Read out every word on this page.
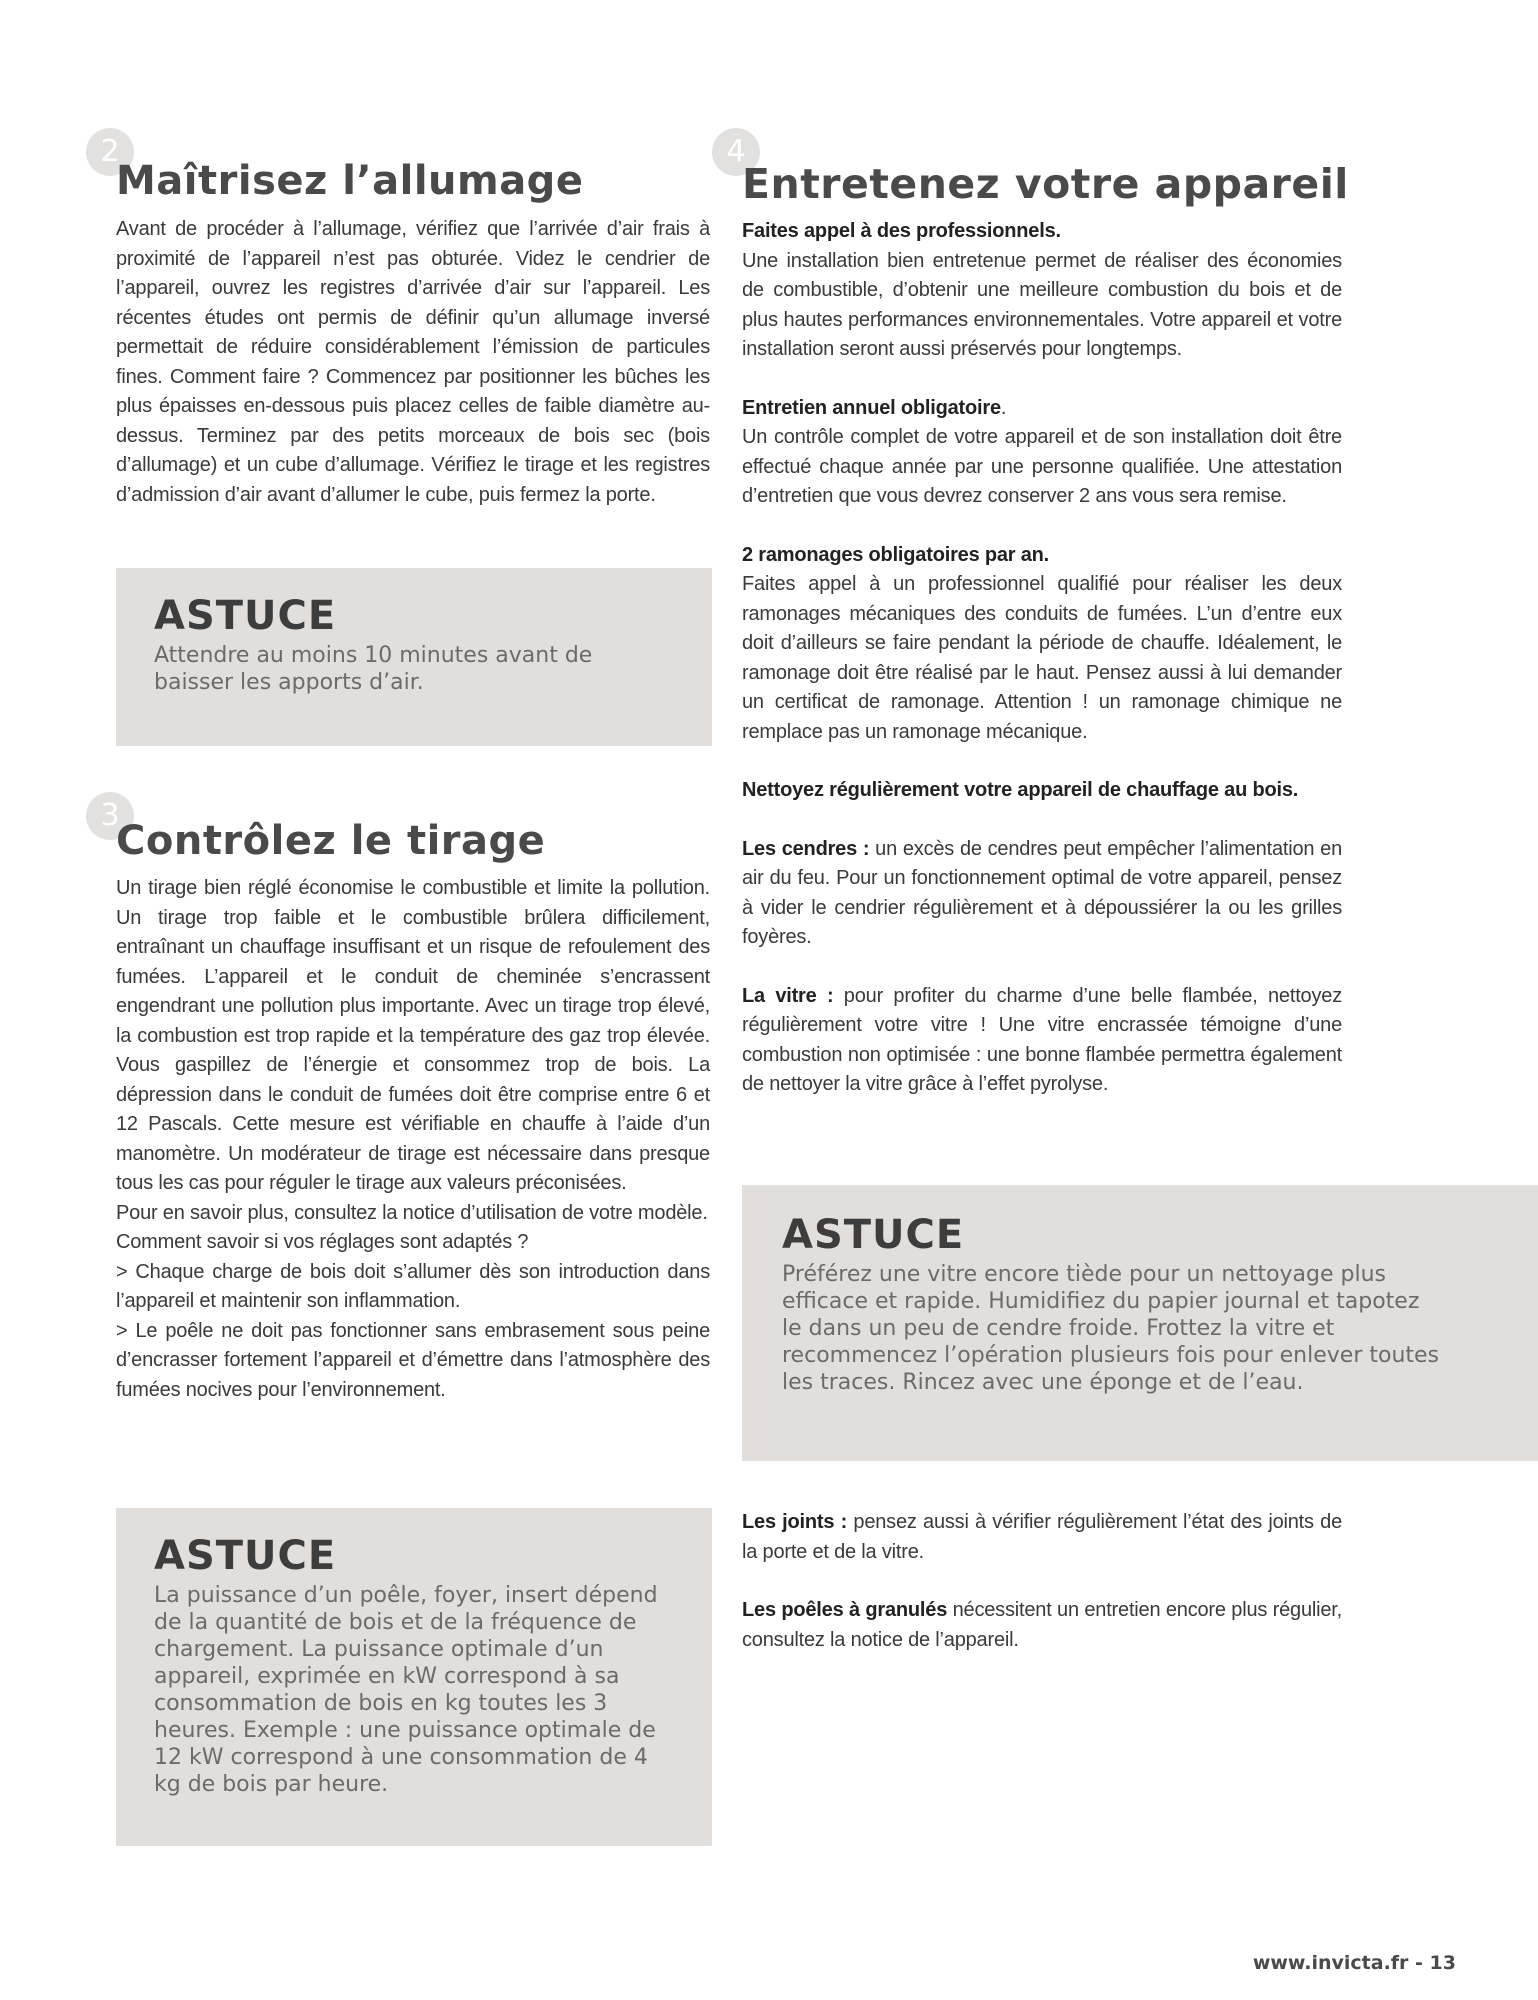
2
Maîtrisez l’allumage

Avant de procéder à l’allumage, vérifiez que l’arrivée d’air frais à proximité de l’appareil n’est pas obturée. Videz le cendrier de l’appareil, ouvrez les registres d’arrivée d’air sur l’appareil. Les récentes études ont permis de définir qu’un allumage inversé permettait de réduire considérablement l’émission de particules fines. Comment faire ? Commencez par positionner les bûches les plus épaisses en-dessous puis placez celles de faible diamètre au-dessus. Terminez par des petits morceaux de bois sec (bois d’allumage) et un cube d’allumage. Vérifiez le tirage et les registres d’admission d’air avant d’allumer le cube, puis fermez la porte.

ASTUCE
Attendre au moins 10 minutes avant de baisser les apports d’air.
3
Contrôlez le tirage

Un tirage bien réglé économise le combustible et limite la pollution. Un tirage trop faible et le combustible brûlera difficilement, entraînant un chauffage insuffisant et un risque de refoulement des fumées. L’appareil et le conduit de cheminée s’encrassent engendrant une pollution plus importante. Avec un tirage trop élevé, la combustion est trop rapide et la température des gaz trop élevée. Vous gaspillez de l’énergie et consommez trop de bois. La dépression dans le conduit de fumées doit être comprise entre 6 et 12 Pascals. Cette mesure est vérifiable en chauffe à l’aide d’un manomètre. Un modérateur de tirage est nécessaire dans presque tous les cas pour réguler le tirage aux valeurs préconisées.

Pour en savoir plus, consultez la notice d’utilisation de votre modèle.

Comment savoir si vos réglages sont adaptés ?

> Chaque charge de bois doit s’allumer dès son introduction dans l’appareil et maintenir son inflammation.

> Le poêle ne doit pas fonctionner sans embrasement sous peine d’encrasser fortement l’appareil et d’émettre dans l’atmosphère des fumées nocives pour l’environnement.

ASTUCE
La puissance d’un poêle, foyer, insert dépend de la quantité de bois et de la fréquence de chargement. La puissance optimale d’un appareil, exprimée en kW correspond à sa consommation de bois en kg toutes les 3 heures. Exemple : une puissance optimale de 12 kW correspond à une consommation de 4 kg de bois par heure.
4
Entretenez votre appareil

Faites appel à des professionnels.

Une installation bien entretenue permet de réaliser des économies de combustible, d’obtenir une meilleure combustion du bois et de plus hautes performances environnementales. Votre appareil et votre installation seront aussi préservés pour longtemps.

Entretien annuel obligatoire.

Un contrôle complet de votre appareil et de son installation doit être effectué chaque année par une personne qualifiée. Une attestation d’entretien que vous devrez conserver 2 ans vous sera remise.

2 ramonages obligatoires par an.

Faites appel à un professionnel qualifié pour réaliser les deux ramonages mécaniques des conduits de fumées. L’un d’entre eux doit d’ailleurs se faire pendant la période de chauffe. Idéalement, le ramonage doit être réalisé par le haut. Pensez aussi à lui demander un certificat de ramonage. Attention ! un ramonage chimique ne remplace pas un ramonage mécanique.

Nettoyez régulièrement votre appareil de chauffage au bois.

Les cendres : un excès de cendres peut empêcher l’alimentation en air du feu. Pour un fonctionnement optimal de votre appareil, pensez à vider le cendrier régulièrement et à dépoussiérer la ou les grilles foyères.

La vitre : pour profiter du charme d’une belle flambée, nettoyez régulièrement votre vitre ! Une vitre encrassée témoigne d’une combustion non optimisée : une bonne flambée permettra également de nettoyer la vitre grâce à l’effet pyrolyse.

ASTUCE
Préférez une vitre encore tiède pour un nettoyage plus efficace et rapide. Humidifiez du papier journal et tapotez le dans un peu de cendre froide. Frottez la vitre et recommencez l’opération plusieurs fois pour enlever toutes les traces. Rincez avec une éponge et de l’eau.

Les joints : pensez aussi à vérifier régulièrement l’état des joints de la porte et de la vitre.

Les poêles à granulés nécessitent un entretien encore plus régulier, consultez la notice de l’appareil.

www.invicta.fr - 13
